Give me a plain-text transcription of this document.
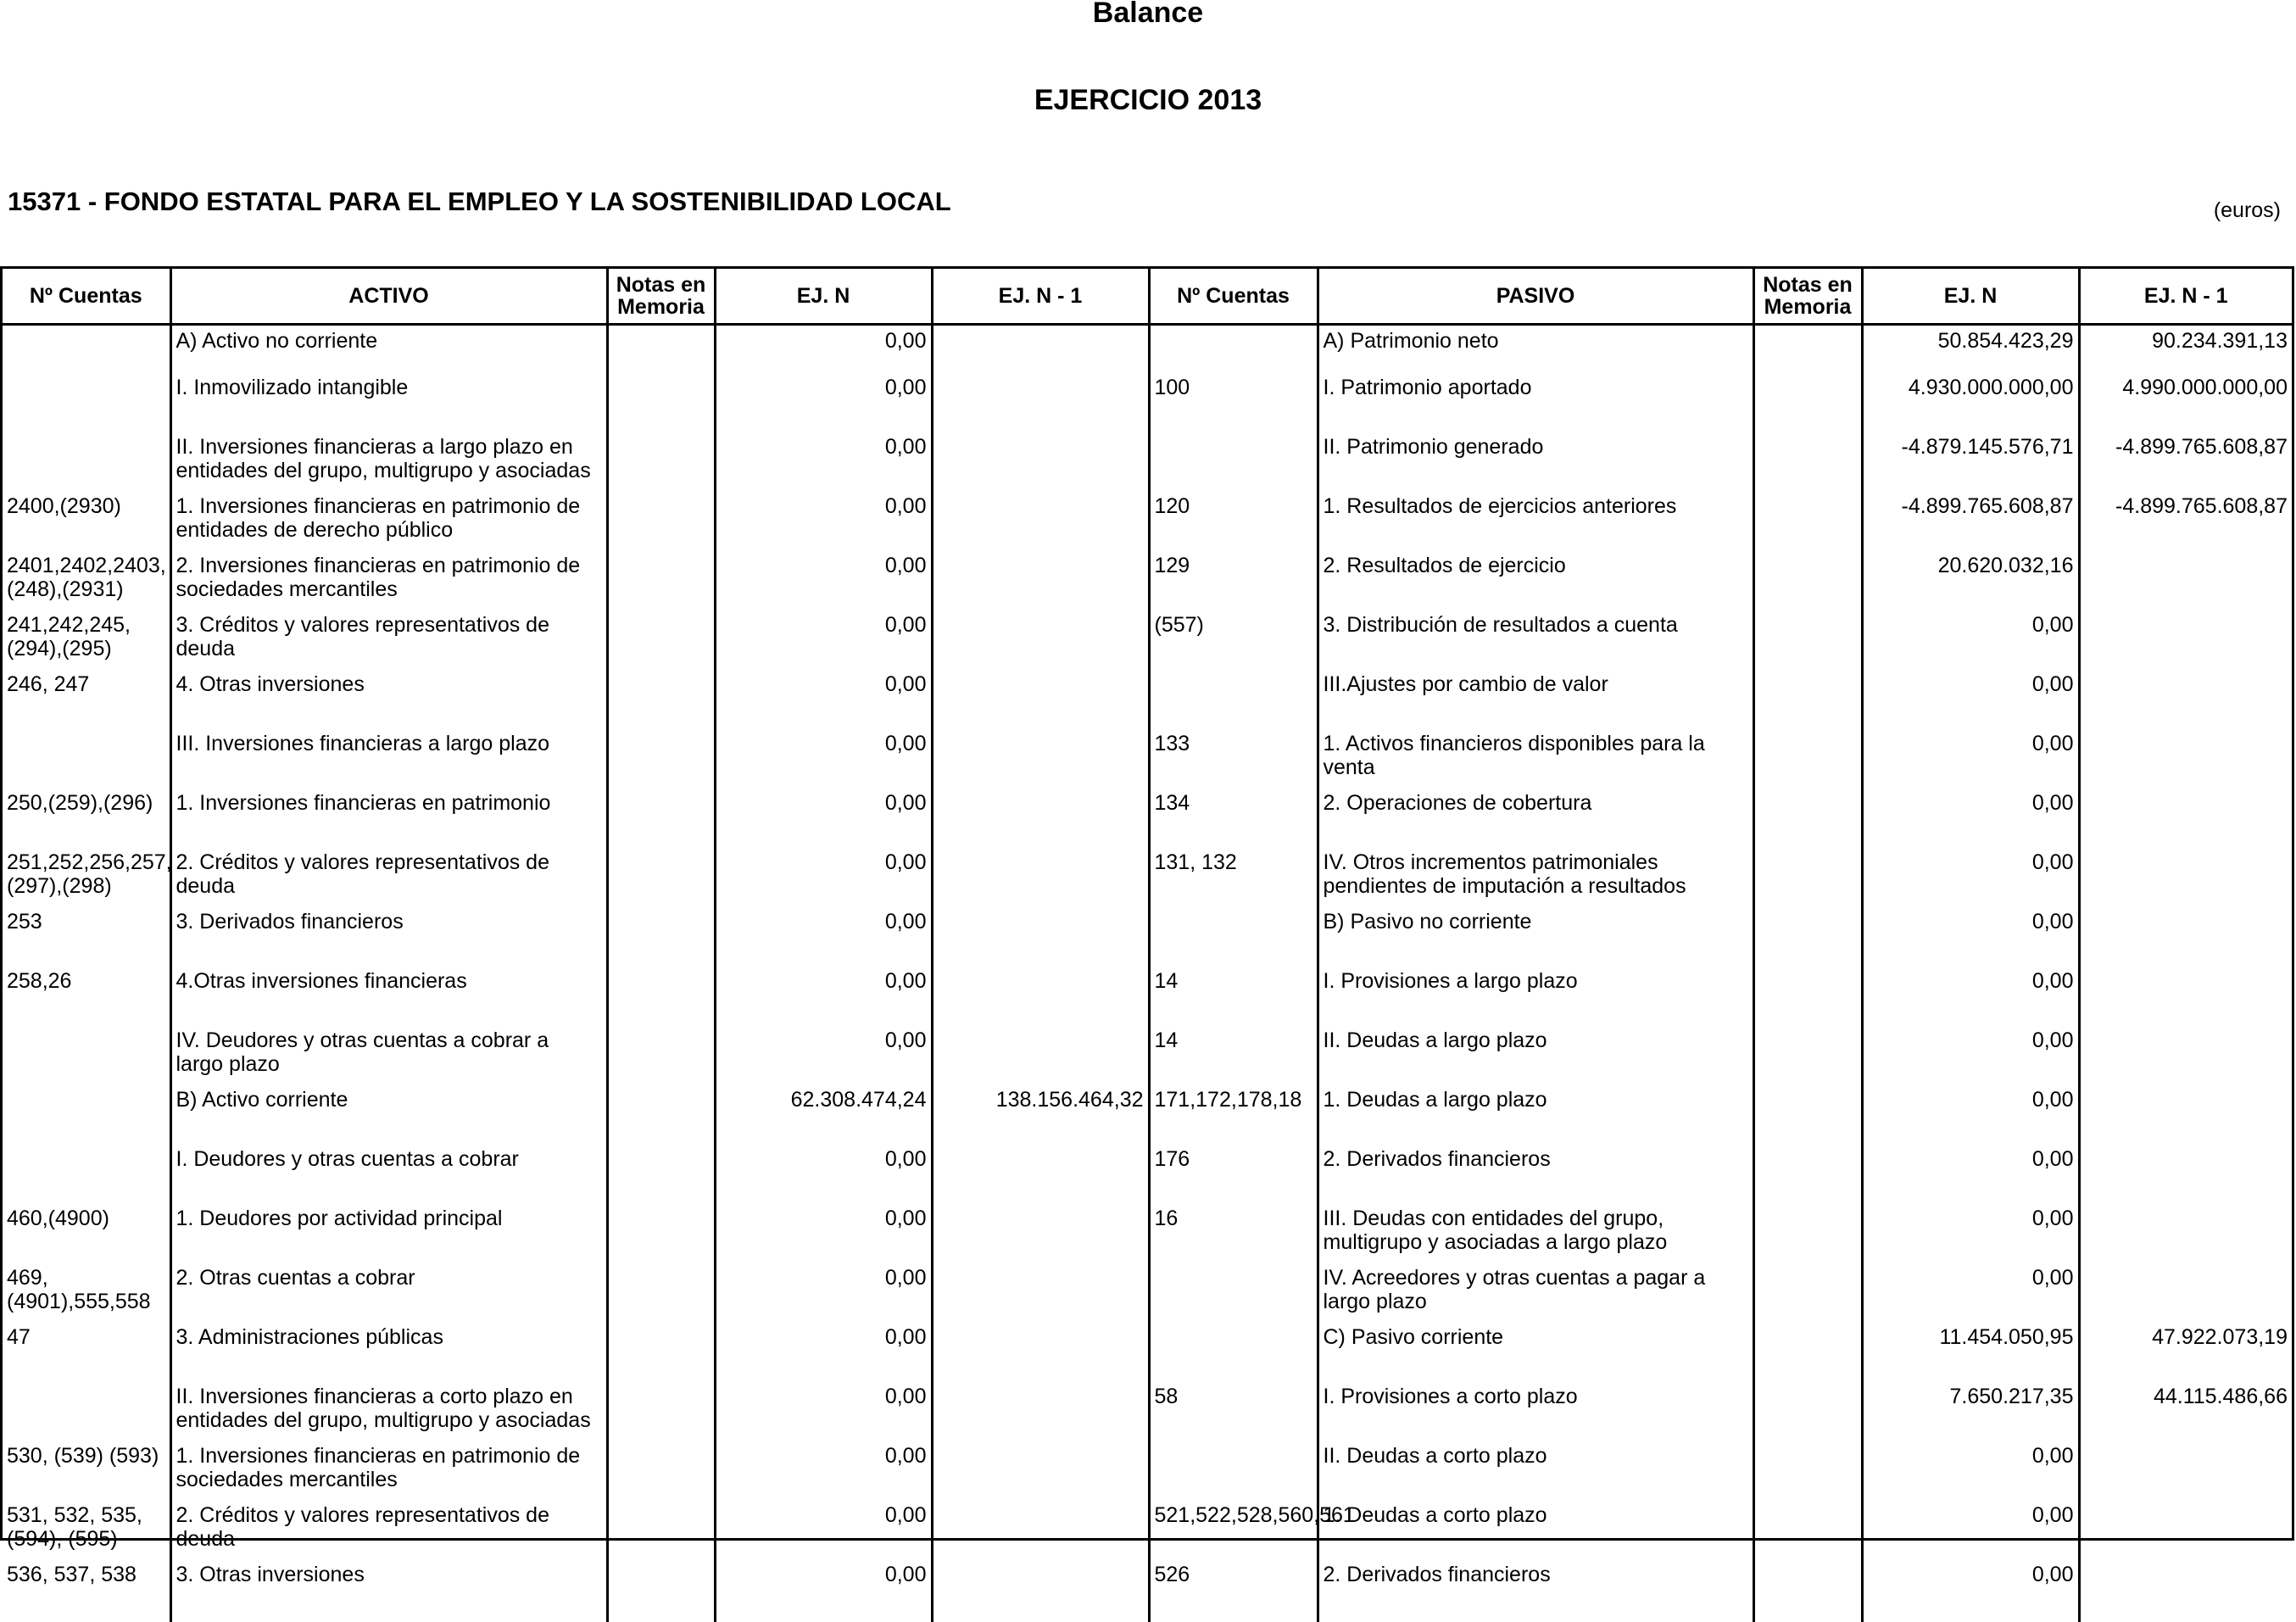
Balance
EJERCICIO 2013
15371 - FONDO ESTATAL PARA EL EMPLEO Y LA SOSTENIBILIDAD LOCAL	(euros)
Nº Cuentas	ACTIVO	Notas en Memoria	EJ. N	EJ. N - 1	Nº Cuentas	PASIVO	Notas en Memoria	EJ. N	EJ. N - 1
	A) Activo no corriente		0,00			A) Patrimonio neto		50.854.423,29	90.234.391,13
	I. Inmovilizado intangible		0,00		100	I. Patrimonio aportado		4.930.000.000,00	4.990.000.000,00
	II. Inversiones financieras a largo plazo en entidades del grupo, multigrupo y asociadas		0,00			II. Patrimonio generado		-4.879.145.576,71	-4.899.765.608,87
2400,(2930)	1. Inversiones financieras en patrimonio de entidades de derecho público		0,00		120	1. Resultados de ejercicios anteriores		-4.899.765.608,87	-4.899.765.608,87
2401,2402,2403,(248),(2931)	2. Inversiones financieras en patrimonio de sociedades mercantiles		0,00		129	2. Resultados de ejercicio		20.620.032,16	
241,242,245,(294),(295)	3. Créditos y valores representativos de deuda		0,00		(557)	3. Distribución de resultados a cuenta		0,00	
246, 247	4. Otras inversiones		0,00			III.Ajustes por cambio de valor		0,00	
	III. Inversiones financieras a largo plazo		0,00		133	1. Activos financieros disponibles para la venta		0,00	
250,(259),(296)	1. Inversiones financieras en patrimonio		0,00		134	2. Operaciones de cobertura		0,00	
251,252,256,257,(297),(298)	2. Créditos y valores representativos de deuda		0,00		131, 132	IV. Otros incrementos patrimoniales pendientes de imputación a resultados		0,00	
253	3. Derivados financieros		0,00			B) Pasivo no corriente		0,00	
258,26	4.Otras inversiones financieras		0,00		14	I. Provisiones a largo plazo		0,00	
	IV. Deudores y otras cuentas a cobrar a largo plazo		0,00		14	II. Deudas a largo plazo		0,00	
	B) Activo corriente		62.308.474,24	138.156.464,32	171,172,178,18	1. Deudas a largo plazo		0,00	
	I. Deudores y otras cuentas a cobrar		0,00		176	2. Derivados financieros		0,00	
460,(4900)	1. Deudores por actividad principal		0,00		16	III. Deudas con entidades del grupo, multigrupo y asociadas a largo plazo		0,00	
469, (4901),555,558	2. Otras cuentas a cobrar		0,00			IV. Acreedores y otras cuentas a pagar a largo plazo		0,00	
47	3. Administraciones públicas		0,00			C) Pasivo corriente		11.454.050,95	47.922.073,19
	II. Inversiones financieras a corto plazo en entidades del grupo, multigrupo y asociadas		0,00		58	I. Provisiones a corto plazo		7.650.217,35	44.115.486,66
530, (539) (593)	1. Inversiones financieras en patrimonio de sociedades mercantiles		0,00			II. Deudas a corto plazo		0,00	
531, 532, 535, (594), (595)	2. Créditos y valores representativos de deuda		0,00		521,522,528,560,561	1. Deudas a corto plazo		0,00	
536, 537, 538	3. Otras inversiones		0,00		526	2. Derivados financieros		0,00	
